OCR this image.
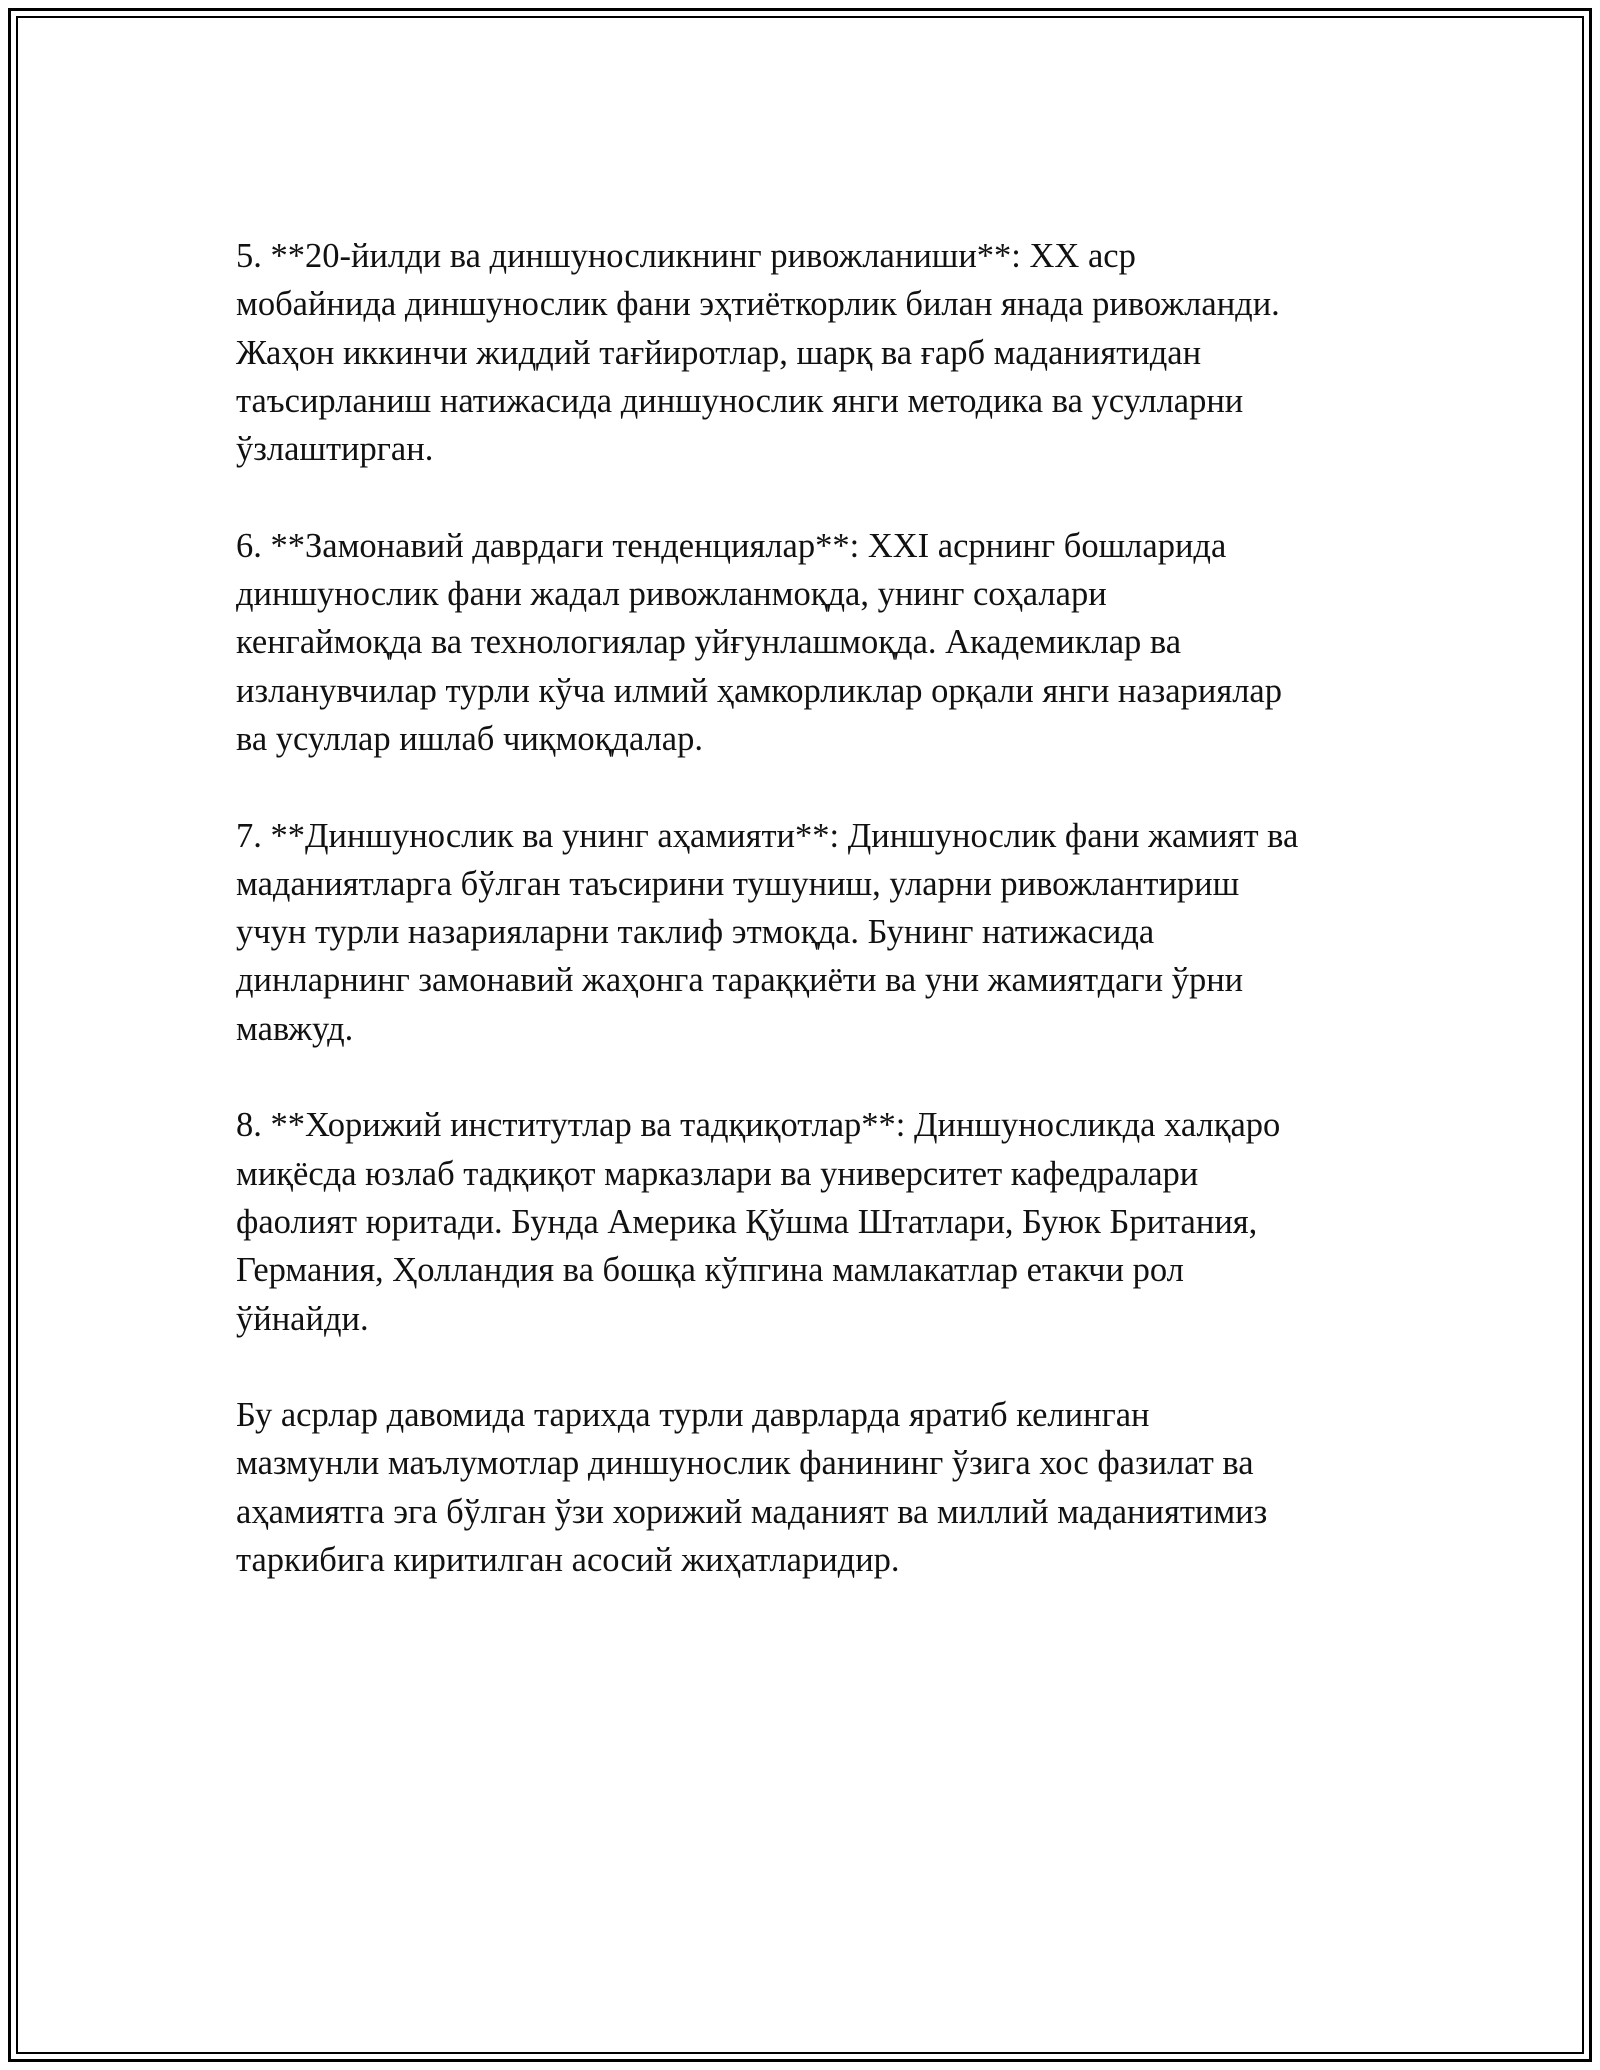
5. **20-йилди ва диншуносликнинг ривожланиши**: XX аср
мобайнида диншунослик фани эҳтиёткорлик билан янада ривожланди.
Жаҳон иккинчи жиддий тағйиротлар, шарқ ва ғарб маданиятидан
таъсирланиш натижасида диншунослик янги методика ва усулларни
ўзлаштирган.

6. **Замонавий даврдаги тенденциялар**: XXI асрнинг бошларида
диншунослик фани жадал ривожланмоқда, унинг соҳалари
кенгаймоқда ва технологиялар уйғунлашмоқда. Академиклар ва
изланувчилар турли кўча илмий ҳамкорликлар орқали янги назариялар
ва усуллар ишлаб чиқмоқдалар.

7. **Диншунослик ва унинг аҳамияти**: Диншунослик фани жамият ва
маданиятларга бўлган таъсирини тушуниш, уларни ривожлантириш
учун турли назарияларни таклиф этмоқда. Бунинг натижасида
динларнинг замонавий жаҳонга тараққиёти ва уни жамиятдаги ўрни
мавжуд.

8. **Хорижий институтлар ва тадқиқотлар**: Диншуносликда халқаро
миқёсда юзлаб тадқиқот марказлари ва университет кафедралари
фаолият юритади. Бунда Америка Қўшма Штатлари, Буюк Британия,
Германия, Ҳолландия ва бошқа кўпгина мамлакатлар етакчи рол
ўйнайди.

Бу асрлар давомида тарихда турли даврларда яратиб келинган
мазмунли маълумотлар диншунослик фанининг ўзига хос фазилат ва
аҳамиятга эга бўлган ўзи хорижий маданият ва миллий маданиятимиз
таркибига киритилган асосий жиҳатларидир.
